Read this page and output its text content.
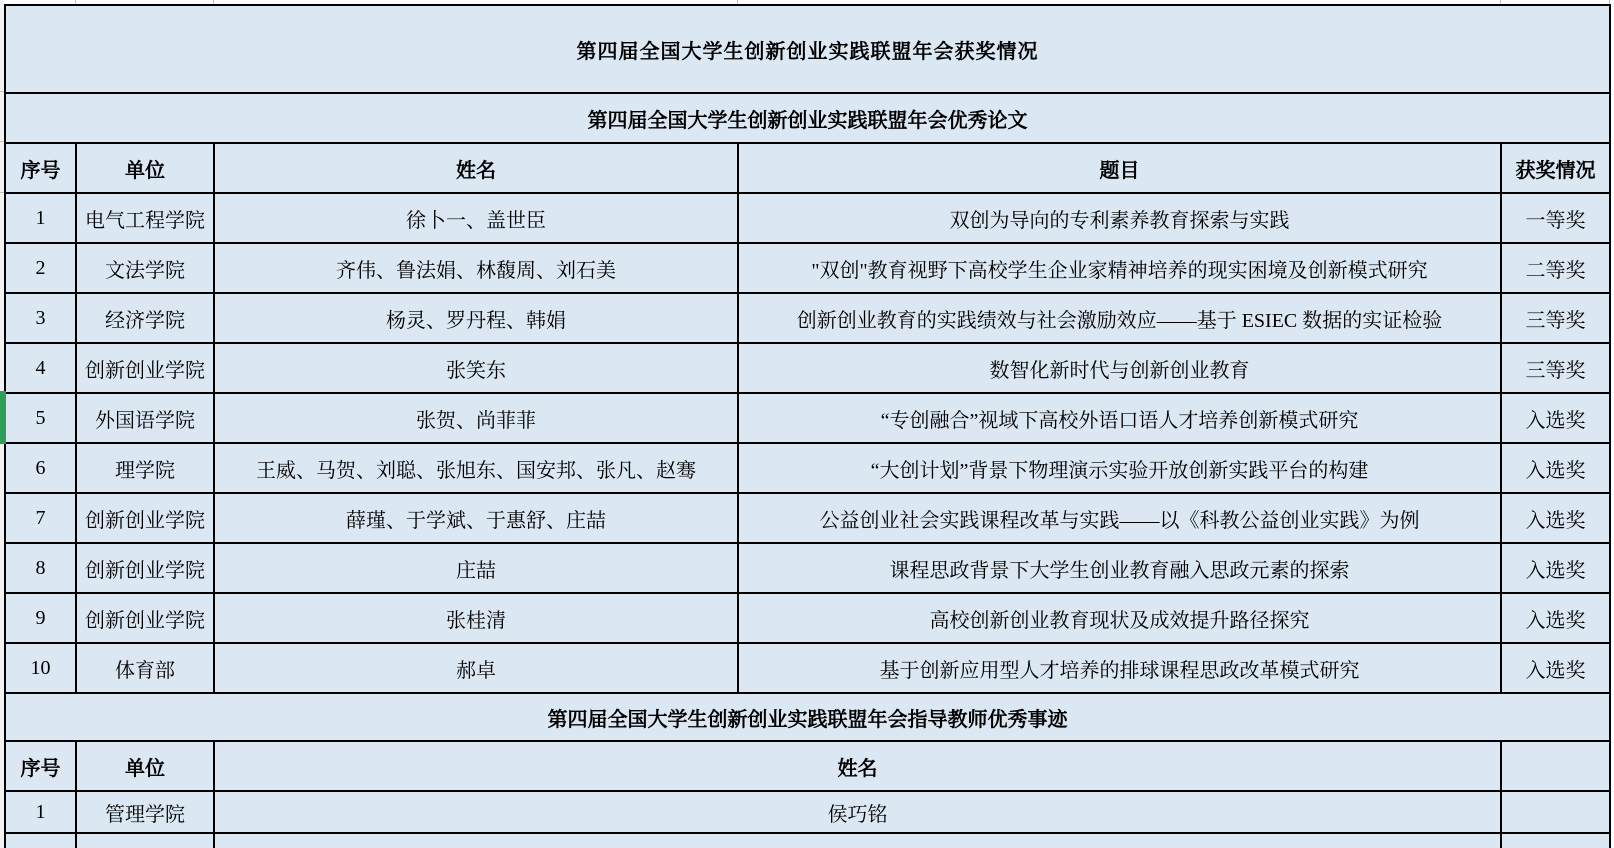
第四届全国大学生创新创业实践联盟年会获奖情况				
第四届全国大学生创新创业实践联盟年会优秀论文				
序号	单位	姓名	题目	获奖情况
1	电气工程学院	徐卜一、盖世臣	双创为导向的专利素养教育探索与实践	一等奖
2	文法学院	齐伟、鲁法娟、林馥周、刘石美	"双创"教育视野下高校学生企业家精神培养的现实困境及创新模式研究	二等奖
3	经济学院	杨灵、罗丹程、韩娟	创新创业教育的实践绩效与社会激励效应——基于 ESIEC 数据的实证检验	三等奖
4	创新创业学院	张笑东	数智化新时代与创新创业教育	三等奖
5	外国语学院	张贺、尚菲菲	“专创融合”视域下高校外语口语人才培养创新模式研究	入选奖
6	理学院	王威、马贺、刘聪、张旭东、国安邦、张凡、赵骞	“大创计划”背景下物理演示实验开放创新实践平台的构建	入选奖
7	创新创业学院	薛瑾、于学斌、于惠舒、庄喆	公益创业社会实践课程改革与实践——以《科教公益创业实践》为例	入选奖
8	创新创业学院	庄喆	课程思政背景下大学生创业教育融入思政元素的探索	入选奖
9	创新创业学院	张桂清	高校创新创业教育现状及成效提升路径探究	入选奖
10	体育部	郝卓	基于创新应用型人才培养的排球课程思政改革模式研究	入选奖
第四届全国大学生创新创业实践联盟年会指导教师优秀事迹				
序号	单位	姓名		
1	管理学院	侯巧铭		
